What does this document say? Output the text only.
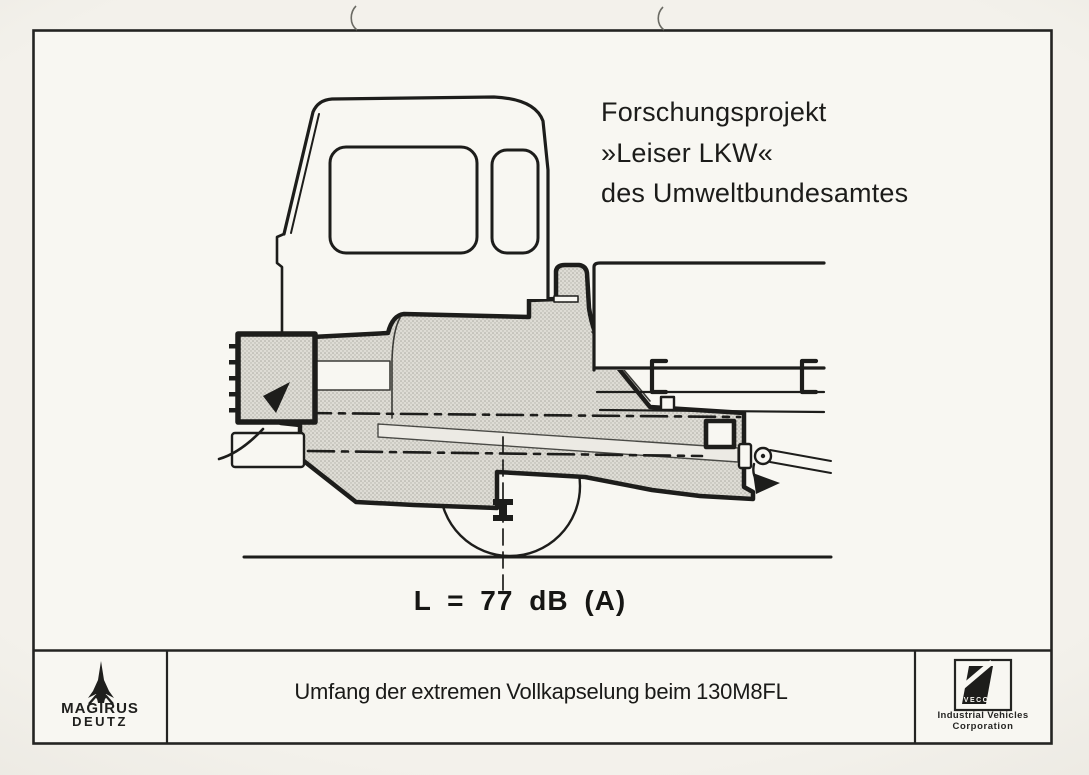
IVECO
Forschungsprojekt
»Leiser LKW«
des Umweltbundesamtes
L = 77 dB (A)
Umfang der extremen Vollkapselung beim 130M8FL
MAGIRUS
DEUTZ	Industrial Vehicles
Corporation
